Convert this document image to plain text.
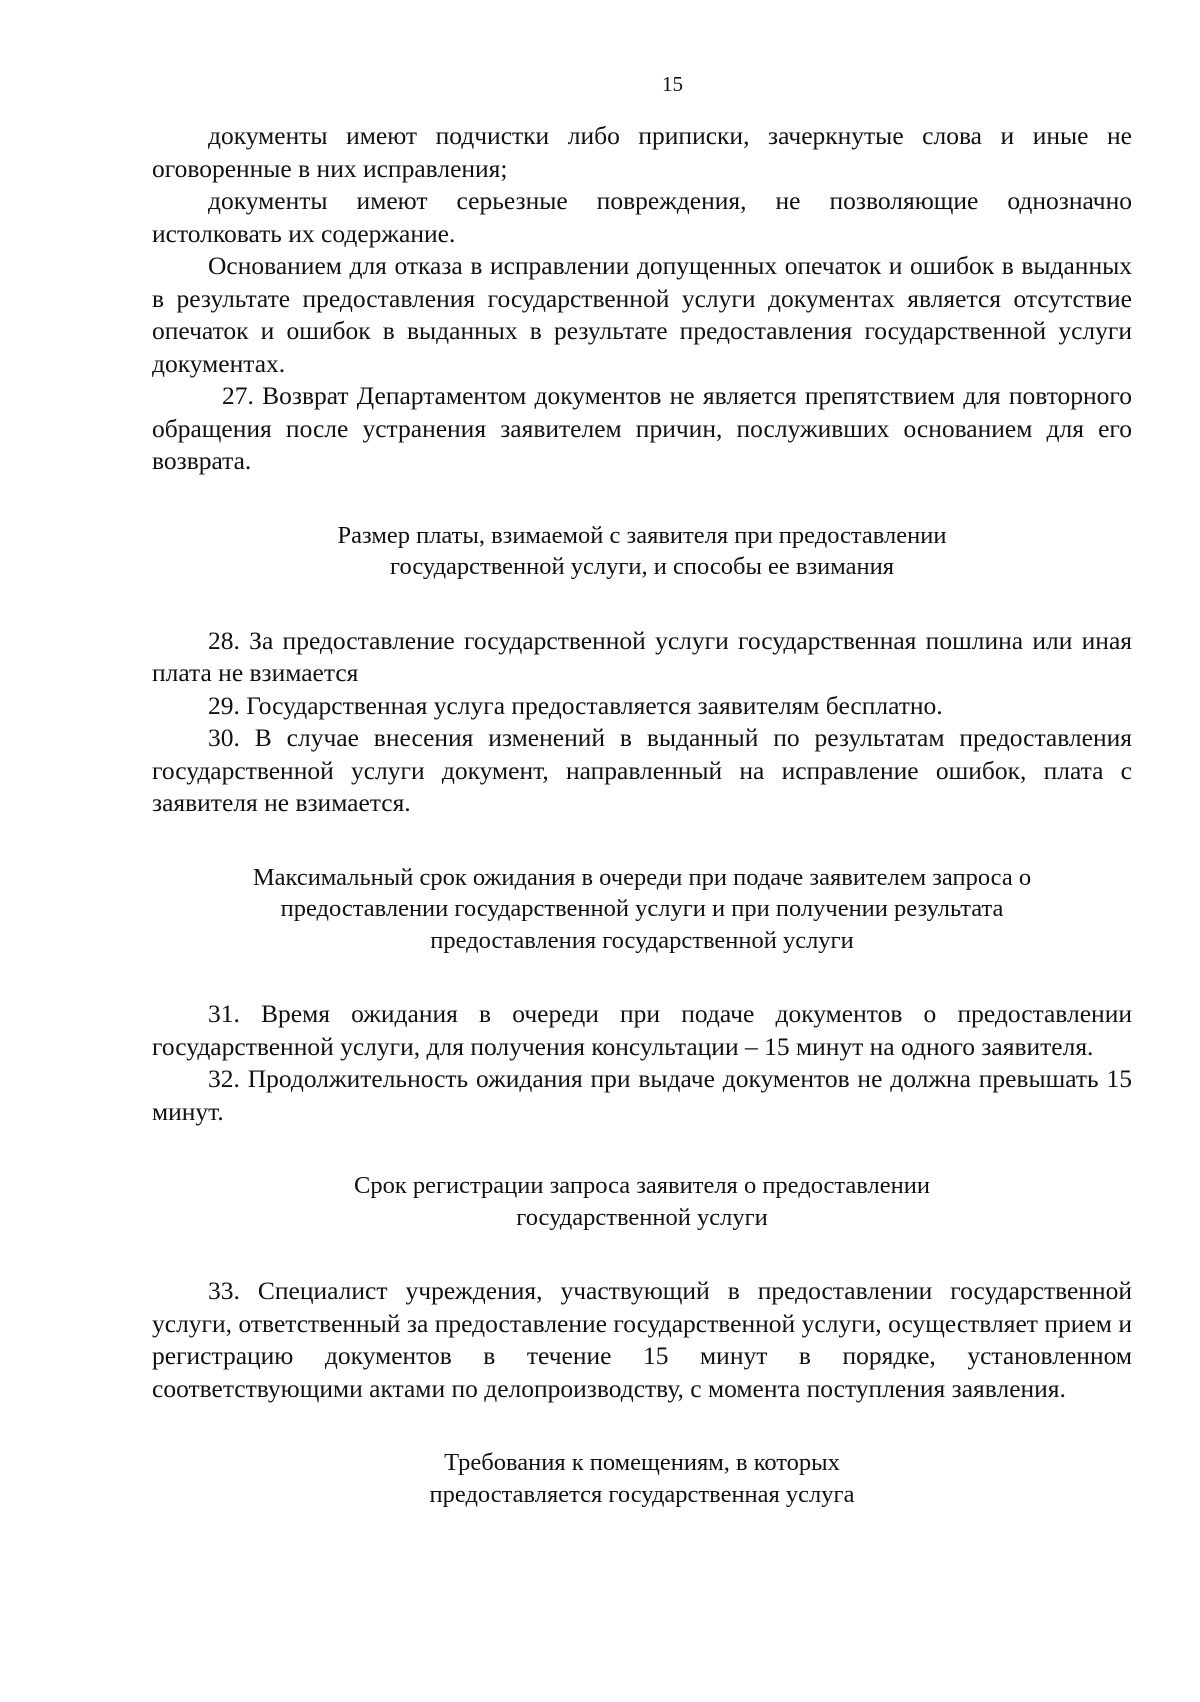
15

документы имеют подчистки либо приписки, зачеркнутые слова и иные не оговоренные в них исправления;

документы имеют серьезные повреждения, не позволяющие однозначно истолковать их содержание.

Основанием для отказа в исправлении допущенных опечаток и ошибок в выданных в результате предоставления государственной услуги документах является отсутствие опечаток и ошибок в выданных в результате предоставления государственной услуги документах.

27. Возврат Департаментом документов не является препятствием для повторного обращения после устранения заявителем причин, послуживших основанием для его возврата.

Размер платы, взимаемой с заявителя при предоставлении
государственной услуги, и способы ее взимания

28. За предоставление государственной услуги государственная пошлина или иная плата не взимается

29. Государственная услуга предоставляется заявителям бесплатно.

30. В случае внесения изменений в выданный по результатам предоставления государственной услуги документ, направленный на исправление ошибок, плата с заявителя не взимается.

Максимальный срок ожидания в очереди при подаче заявителем запроса о
предоставлении государственной услуги и при получении результата
предоставления государственной услуги

31. Время ожидания в очереди при подаче документов о предоставлении государственной услуги, для получения консультации – 15 минут на одного заявителя.

32. Продолжительность ожидания при выдаче документов не должна превышать 15 минут.

Срок регистрации запроса заявителя о предоставлении
государственной услуги

33. Специалист учреждения, участвующий в предоставлении государственной услуги, ответственный за предоставление государственной услуги, осуществляет прием и регистрацию документов в течение 15 минут в порядке, установленном соответствующими актами по делопроизводству, с момента поступления заявления.

Требования к помещениям, в которых
предоставляется государственная услуга
